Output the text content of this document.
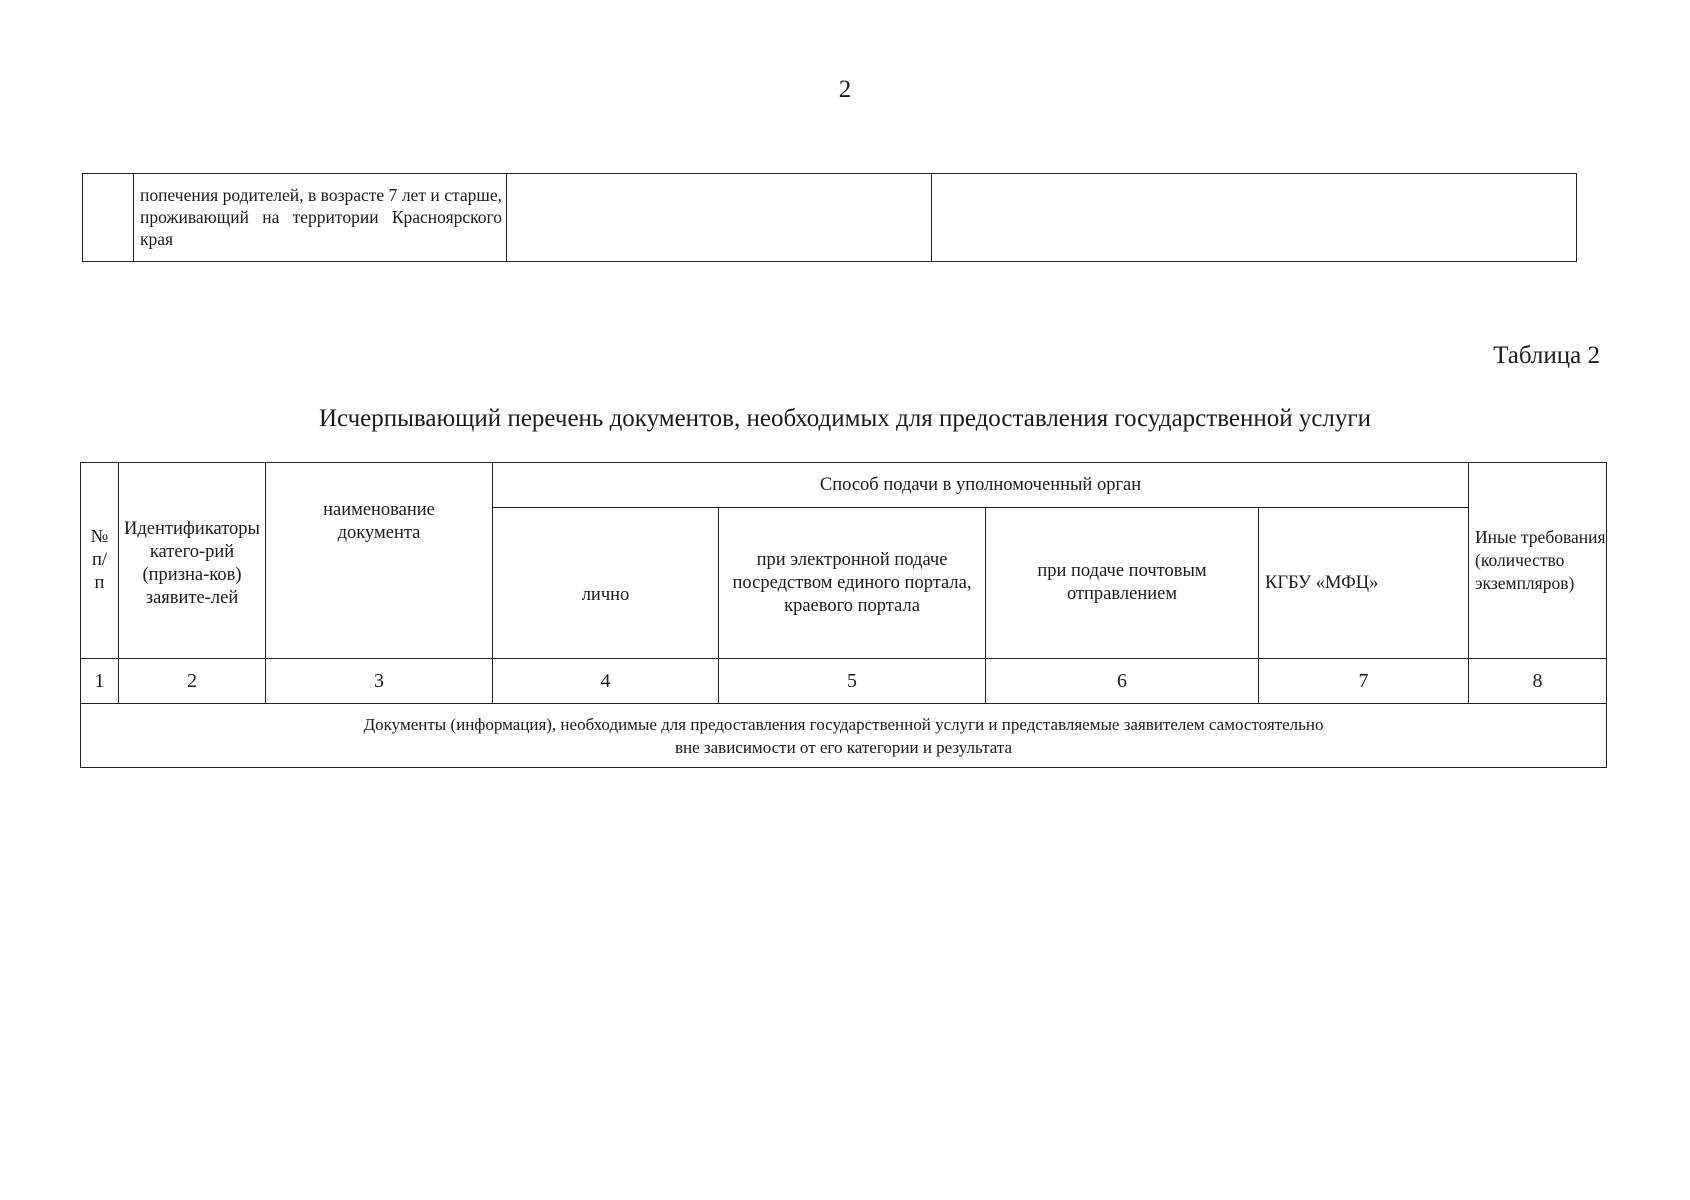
2

попечения родителей, в возрасте 7 лет и старше, проживающий на территории Красноярского края

Таблица 2
Исчерпывающий перечень документов, необходимых для предоставления государственной услуги
№ п/п	Идентификаторы катего-рий (призна-ков) заявите-лей	наименование документа	Способ подачи в уполномоченный орган				Иные требования (количество экземпляров)
			лично	при электронной подаче посредством единого портала, краевого портала	при подаче почтовым отправлением	КГБУ «МФЦ»	
1	2	3	4	5	6	7	8

Документы (информация), необходимые для предоставления государственной услуги и представляемые заявителем самостоятельно
вне зависимости от его категории и результата							
